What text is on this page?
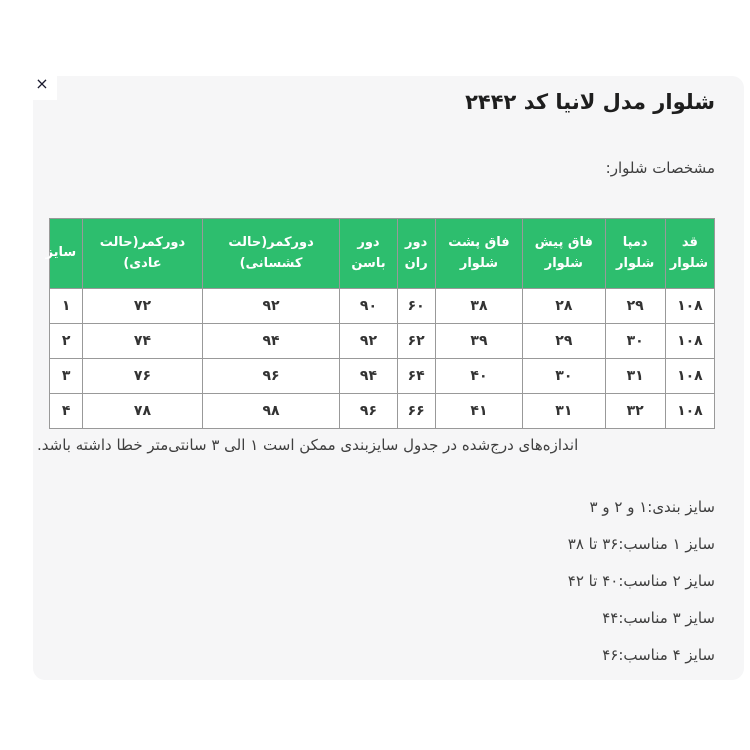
×
شلوار مدل لانیا کد ۲۴۴۲

مشخصات شلوار:

قد شلوار	دمپا شلوار	فاق پیش شلوار	فاق پشت شلوار	دور ران	دور باسن	دورکمر(حالت کشسانی)	دورکمر(حالت عادی)	سایز
۱۰۸	۲۹	۲۸	۳۸	۶۰	۹۰	۹۲	۷۲	۱
۱۰۸	۳۰	۲۹	۳۹	۶۲	۹۲	۹۴	۷۴	۲
۱۰۸	۳۱	۳۰	۴۰	۶۴	۹۴	۹۶	۷۶	۳
۱۰۸	۳۲	۳۱	۴۱	۶۶	۹۶	۹۸	۷۸	۴

اندازه‌های درج‌شده در جدول سایزبندی ممکن است ۱ الی ۳ سانتی‌متر خطا داشته باشد.

سایز بندی:۱ و ۲ و ۳
سایز ۱ مناسب:۳۶ تا ۳۸
سایز ۲ مناسب:۴۰ تا ۴۲
سایز ۳ مناسب:۴۴
سایز ۴ مناسب:۴۶
